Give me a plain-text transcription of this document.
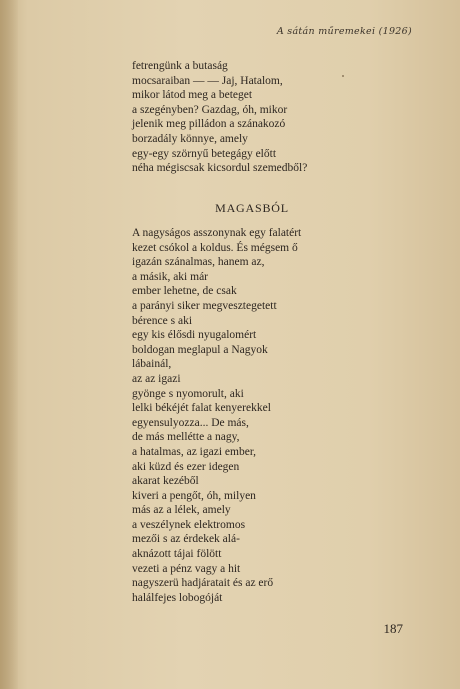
A sátán műremekei (1926)
fetrengünk a butaság
mocsaraiban — — Jaj, Hatalom,
mikor látod meg a beteget
a szegényben? Gazdag, óh, mikor
jelenik meg pilládon a szánakozó
borzadály könnye, amely
egy-egy szörnyű betegágy előtt
néha mégiscsak kicsordul szemedből?
MAGASBÓL
A nagyságos asszonynak egy falatért
kezet csókol a koldus. És mégsem ő
igazán szánalmas, hanem az,
a másik, aki már
ember lehetne, de csak
a parányi siker megvesztegetett
bérence s aki
egy kis élősdi nyugalomért
boldogan meglapul a Nagyok
lábainál,
az az igazi
gyönge s nyomorult, aki
lelki békéjét falat kenyerekkel
egyensulyozza... De más,
de más mellétte a nagy,
a hatalmas, az igazi ember,
aki küzd és ezer idegen
akarat kezéből
kiveri a pengőt, óh, milyen
más az a lélek, amely
a veszélynek elektromos
mezői s az érdekek alá-
aknázott tájai fölött
vezeti a pénz vagy a hit
nagyszerü hadjáratait és az erő
halálfejes lobogóját
187
